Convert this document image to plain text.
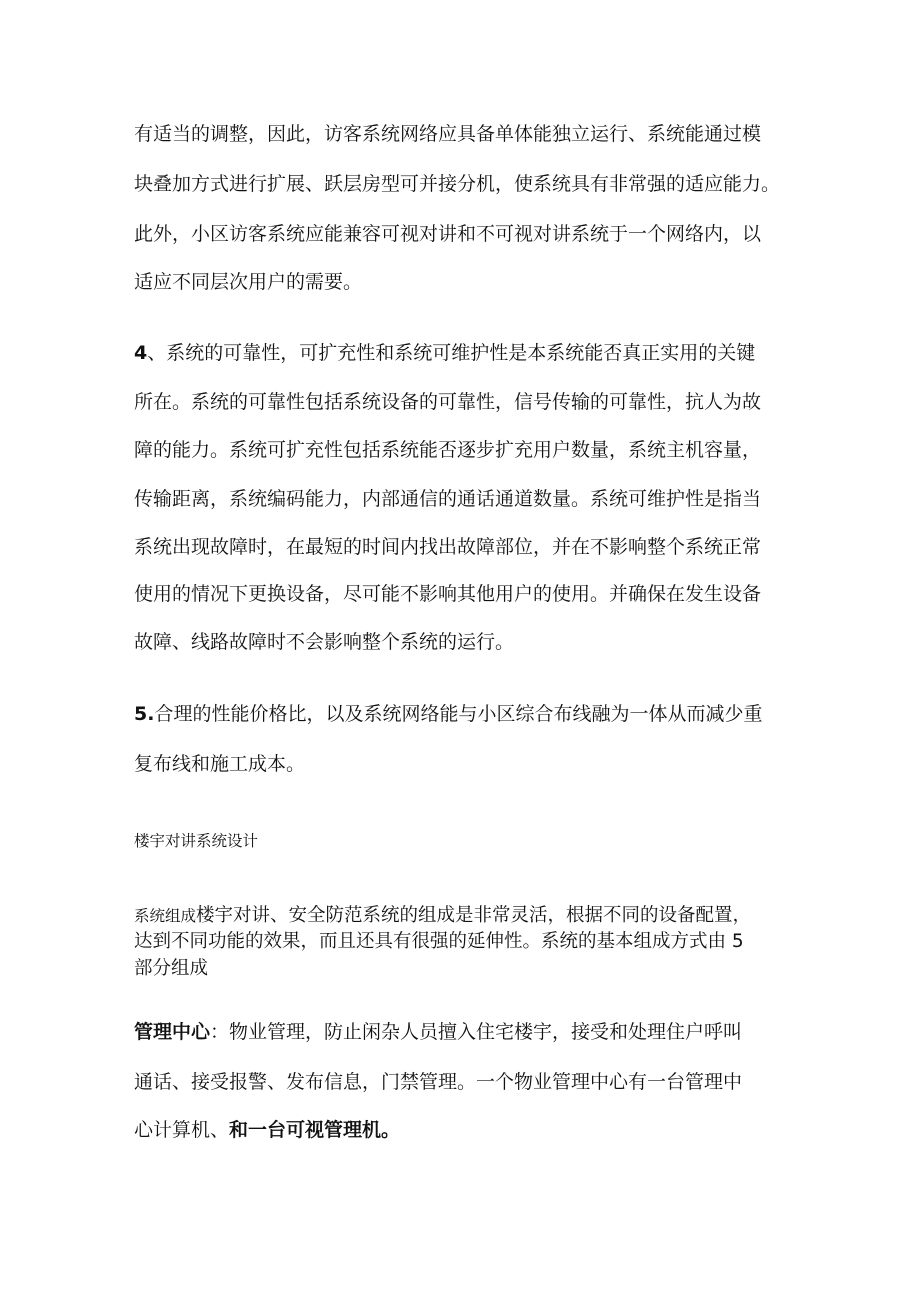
有适当的调整，因此，访客系统网络应具备单体能独立运行、系统能通过模
块叠加方式进行扩展、跃层房型可并接分机，使系统具有非常强的适应能力。
此外，小区访客系统应能兼容可视对讲和不可视对讲系统于一个网络内，以
适应不同层次用户的需要。
4、系统的可靠性，可扩充性和系统可维护性是本系统能否真正实用的关键
所在。系统的可靠性包括系统设备的可靠性，信号传输的可靠性，抗人为故
障的能力。系统可扩充性包括系统能否逐步扩充用户数量，系统主机容量，
传输距离，系统编码能力，内部通信的通话通道数量。系统可维护性是指当
系统出现故障时，在最短的时间内找出故障部位，并在不影响整个系统正常
使用的情况下更换设备，尽可能不影响其他用户的使用。并确保在发生设备
故障、线路故障时不会影响整个系统的运行。
5.合理的性能价格比，以及系统网络能与小区综合布线融为一体从而减少重
复布线和施工成本。
楼宇对讲系统设计
系统组成楼宇对讲、安全防范系统的组成是非常灵活，根据不同的设备配置，
达到不同功能的效果，而且还具有很强的延伸性。系统的基本组成方式由 5
部分组成
管理中心：物业管理，防止闲杂人员擅入住宅楼宇，接受和处理住户呼叫
通话、接受报警、发布信息，门禁管理。一个物业管理中心有一台管理中
心计算机、和一台可视管理机。
